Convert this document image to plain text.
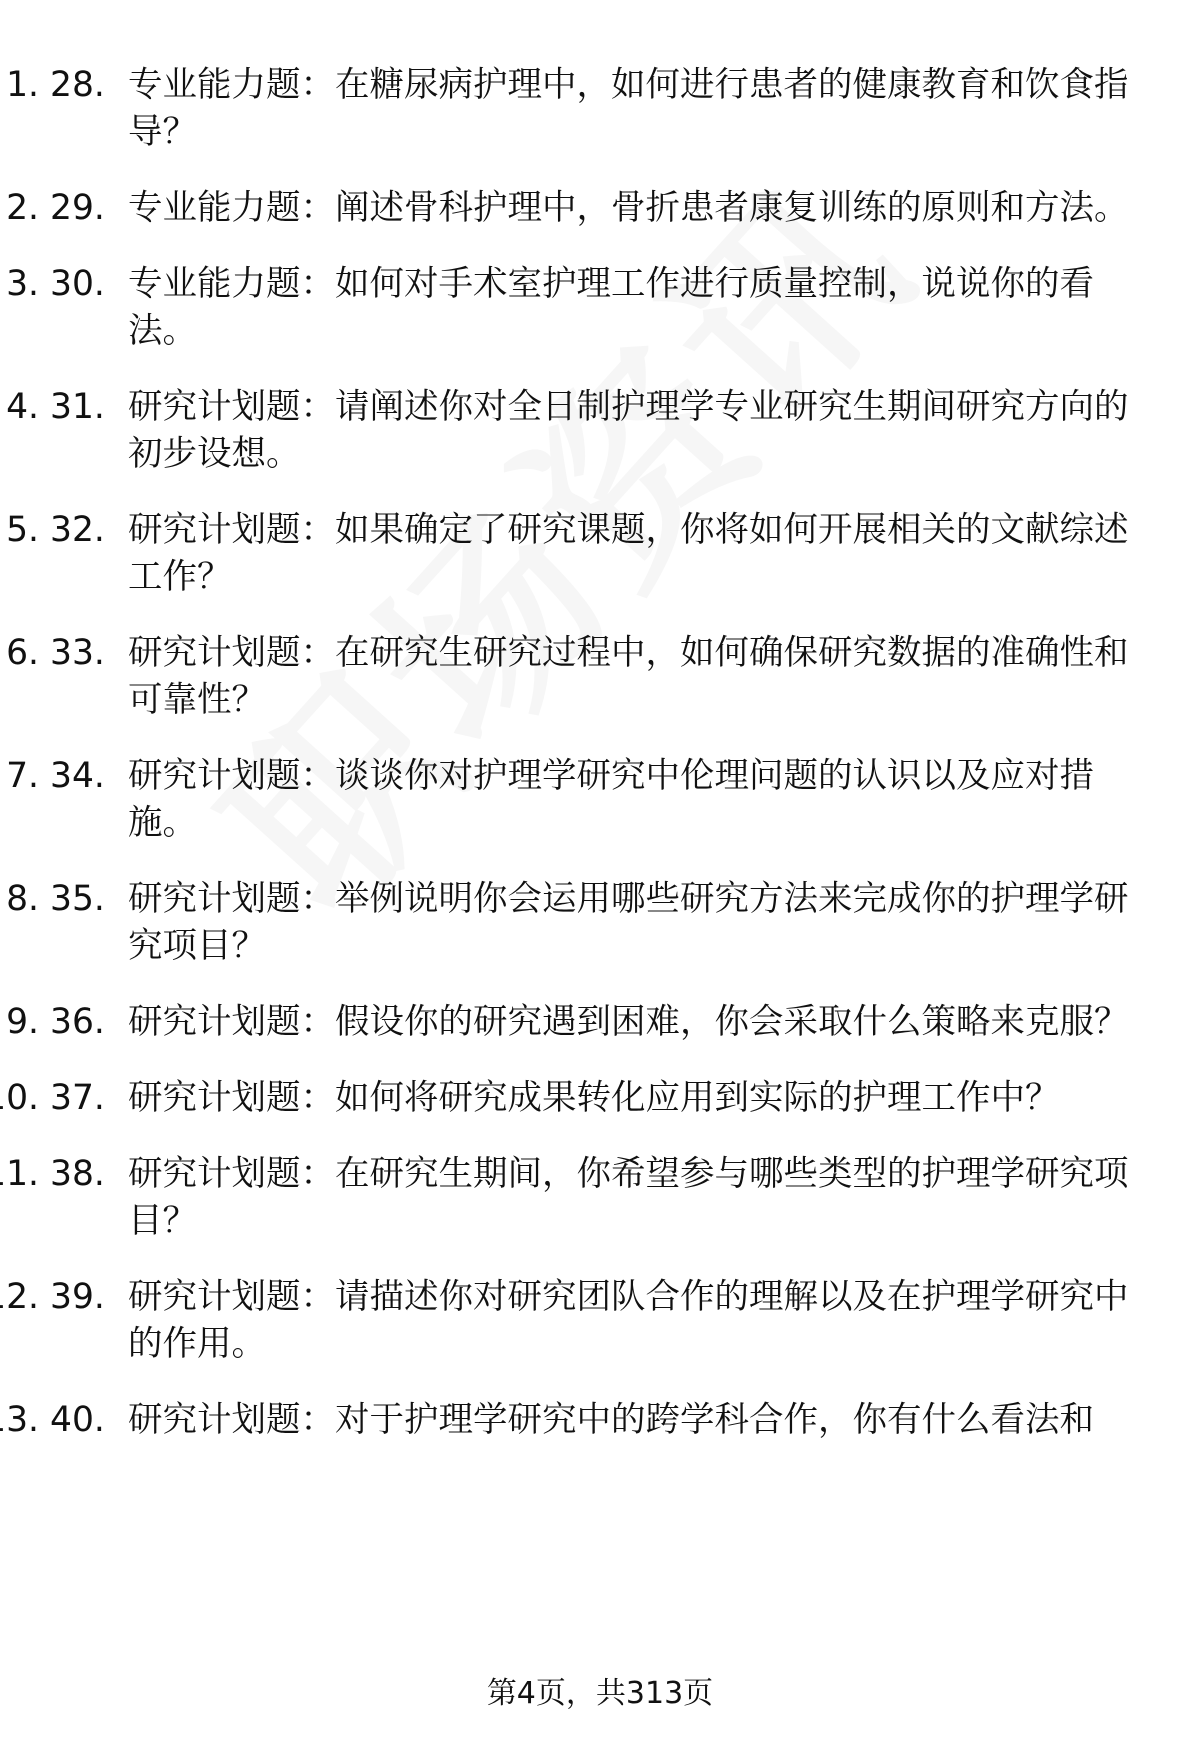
1. 28. 专业能力题：在糖尿病护理中，如何进行患者的健康教育和饮食指导？
2. 29. 专业能力题：阐述骨科护理中，骨折患者康复训练的原则和方法。
3. 30. 专业能力题：如何对手术室护理工作进行质量控制，说说你的看法。
4. 31. 研究计划题：请阐述你对全日制护理学专业研究生期间研究方向的初步设想。
5. 32. 研究计划题：如果确定了研究课题，你将如何开展相关的文献综述工作？
6. 33. 研究计划题：在研究生研究过程中，如何确保研究数据的准确性和可靠性？
7. 34. 研究计划题：谈谈你对护理学研究中伦理问题的认识以及应对措施。
8. 35. 研究计划题：举例说明你会运用哪些研究方法来完成你的护理学研究项目？
9. 36. 研究计划题：假设你的研究遇到困难，你会采取什么策略来克服？
10. 37. 研究计划题：如何将研究成果转化应用到实际的护理工作中？
11. 38. 研究计划题：在研究生期间，你希望参与哪些类型的护理学研究项目？
12. 39. 研究计划题：请描述你对研究团队合作的理解以及在护理学研究中的作用。
13. 40. 研究计划题：对于护理学研究中的跨学科合作，你有什么看法和
第4页，共313页
